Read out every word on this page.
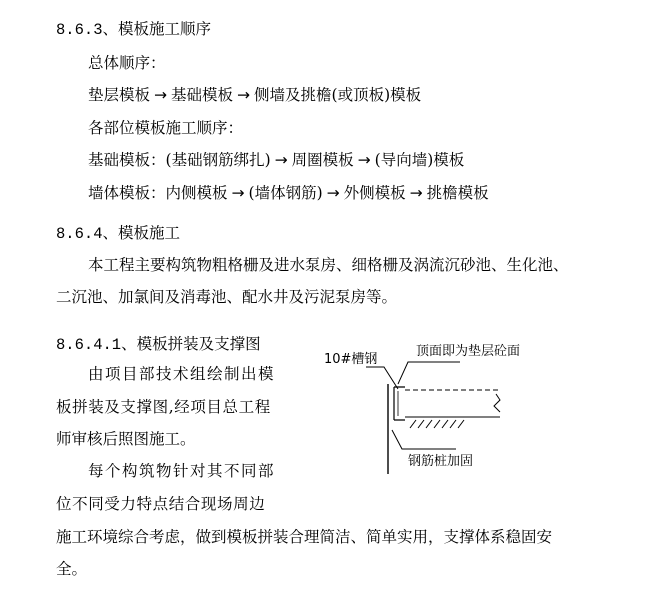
8.6.3、模板施工顺序
总体顺序：
垫层模板 → 基础模板 → 侧墙及挑檐(或顶板)模板
各部位模板施工顺序：
基础模板：(基础钢筋绑扎) → 周圈模板 → (导向墙)模板
墙体模板：内侧模板 → (墙体钢筋) → 外侧模板 → 挑檐模板
8.6.4、模板施工
本工程主要构筑物粗格栅及进水泵房、细格栅及涡流沉砂池、生化池、
二沉池、加氯间及消毒池、配水井及污泥泵房等。
8.6.4.1、模板拼装及支撑图
由项目部技术组绘制出模
板拼装及支撑图,经项目总工程
师审核后照图施工。
每个构筑物针对其不同部
位不同受力特点结合现场周边
施工环境综合考虑，做到模板拼装合理简洁、简单实用，支撑体系稳固安
全。
10#槽钢
顶面即为垫层砼面
钢筋桩加固
